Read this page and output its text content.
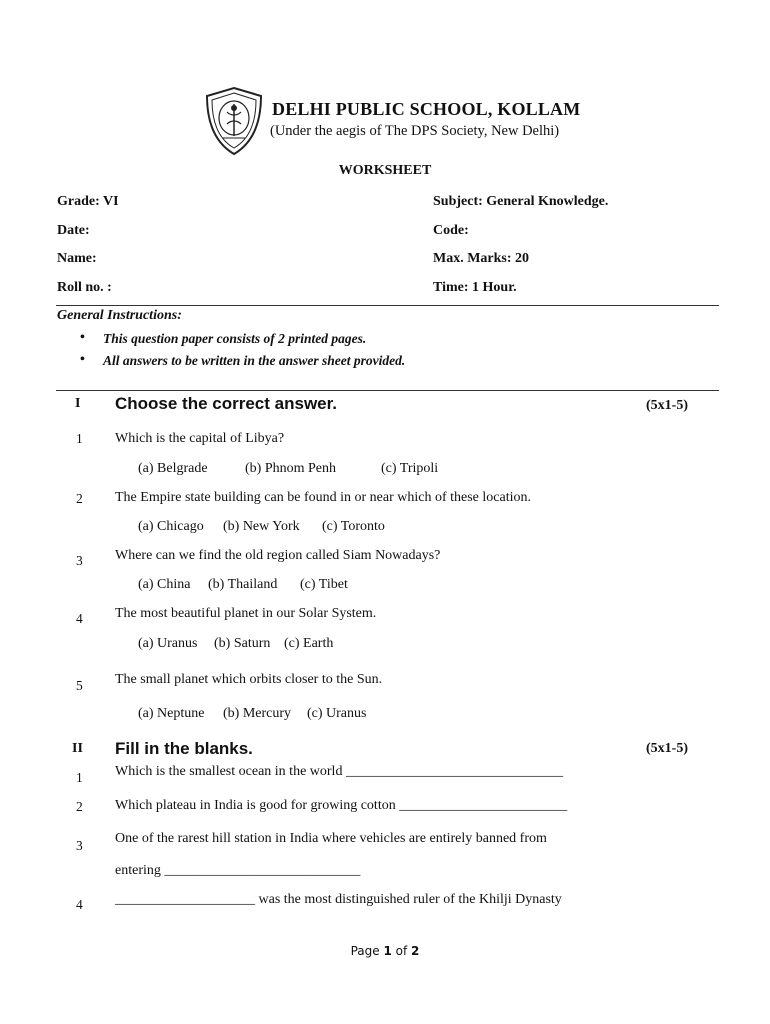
DELHI PUBLIC SCHOOL, KOLLAM
(Under the aegis of The DPS Society, New Delhi)
WORKSHEET
Grade: VI	Subject: General Knowledge.
Date:	Code:
Name:	Max. Marks: 20
Roll no. :	Time: 1 Hour.
General Instructions:
• This question paper consists of 2 printed pages.
• All answers to be written in the answer sheet provided.
I Choose the correct answer.	(5x1-5)
1 Which is the capital of Libya?
(a) Belgrade	(b) Phnom Penh	(c) Tripoli
2 The Empire state building can be found in or near which of these location.
(a) Chicago (b) New York (c) Toronto
3 Where can we find the old region called Siam Nowadays?
(a) China (b) Thailand (c) Tibet
4 The most beautiful planet in our Solar System.
(a) Uranus (b) Saturn (c) Earth
5 The small planet which orbits closer to the Sun.
(a) Neptune (b) Mercury (c) Uranus
II Fill in the blanks.	(5x1-5)
1 Which is the smallest ocean in the world _______________________________
2 Which plateau in India is good for growing cotton ________________________
3 One of the rarest hill station in India where vehicles are entirely banned from
entering ____________________________
4 ____________________ was the most distinguished ruler of the Khilji Dynasty
Page 1 of 2
